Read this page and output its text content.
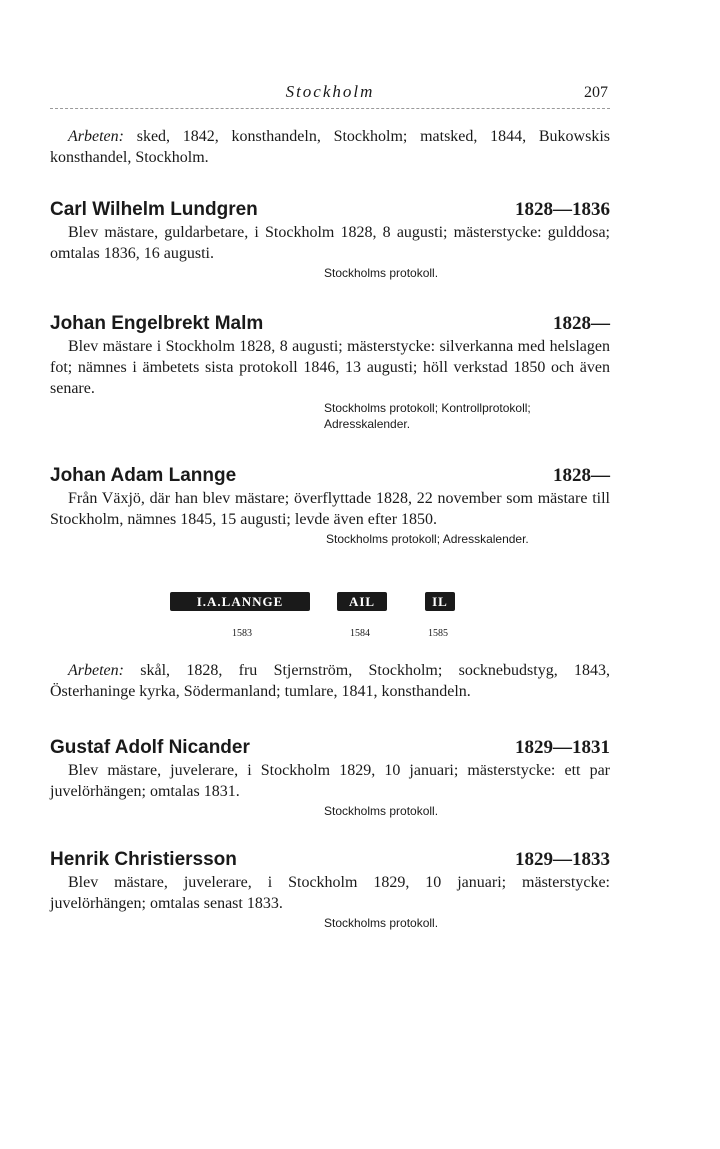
Stockholm	207

Arbeten: sked, 1842, konsthandeln, Stockholm; matsked, 1844, Bukowskis konsthandel, Stockholm.

Carl Wilhelm Lundgren	1828—1836

Blev mästare, guldarbetare, i Stockholm 1828, 8 augusti; mästerstycke: gulddosa; omtalas 1836, 16 augusti.

Stockholms protokoll.
Johan Engelbrekt Malm	1828—

Blev mästare i Stockholm 1828, 8 augusti; mästerstycke: silverkanna med helslagen fot; nämnes i ämbetets sista protokoll 1846, 13 augusti; höll verkstad 1850 och även senare.

Stockholms protokoll; Kontrollprotokoll; Adresskalender.
Johan Adam Lannge	1828—

Från Växjö, där han blev mästare; överflyttade 1828, 22 november som mästare till Stockholm, nämnes 1845, 15 augusti; levde även efter 1850.

Stockholms protokoll; Adresskalender.
I.A.LANNGE
1583
AIL
1584
IL
1585

Arbeten: skål, 1828, fru Stjernström, Stockholm; socknebudstyg, 1843, Österhaninge kyrka, Södermanland; tumlare, 1841, konsthandeln.

Gustaf Adolf Nicander	1829—1831

Blev mästare, juvelerare, i Stockholm 1829, 10 januari; mästerstycke: ett par juvelörhängen; omtalas 1831.

Stockholms protokoll.
Henrik Christiersson	1829—1833

Blev mästare, juvelerare, i Stockholm 1829, 10 januari; mästerstycke: juvelörhängen; omtalas senast 1833.

Stockholms protokoll.
